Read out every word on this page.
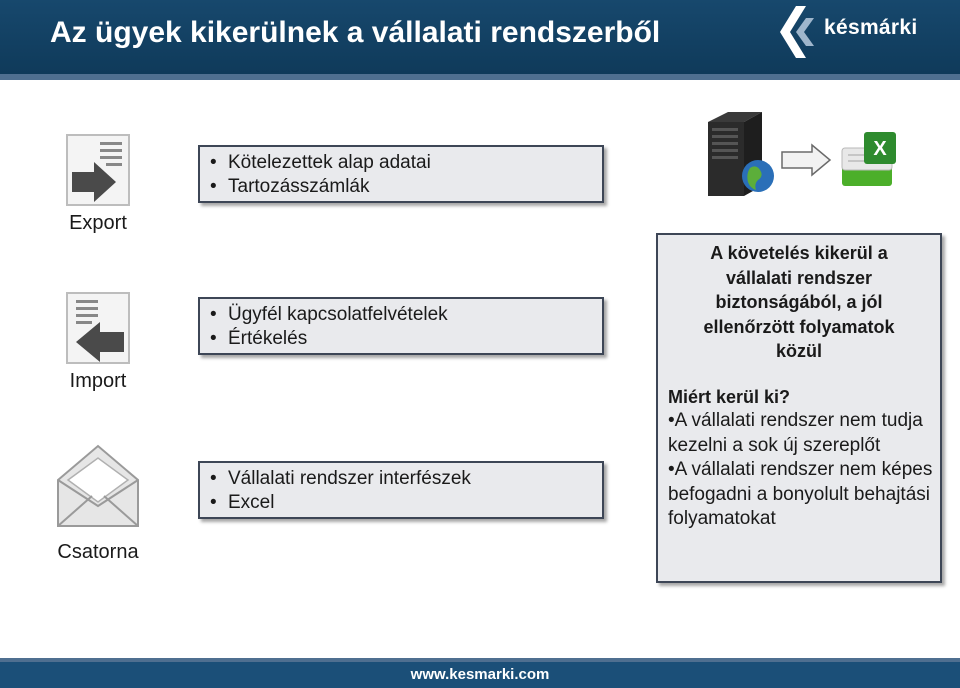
Az ügyek kikerülnek a vállalati rendszerből	késmárki
Export
Import
Csatorna
• Kötelezettek alap adatai
• Tartozásszámlák
• Ügyfél kapcsolatfelvételek
• Értékelés
• Vállalati rendszer interfészek
• Excel
X
A követelés kikerül a
vállalati rendszer
biztonságából, a jól
ellenőrzött folyamatok
közül
Miért kerül ki?
•A vállalati rendszer nem tudja kezelni a sok új szereplőt
•A vállalati rendszer nem képes befogadni a bonyolult behajtási folyamatokat
www.kesmarki.com
